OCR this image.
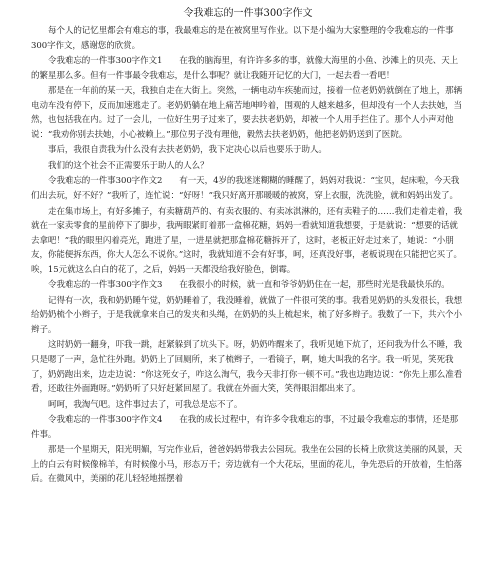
令我难忘的一件事300字作文

每个人的记忆里都会有难忘的事，我最难忘的是在被窝里写作业。以下是小编为大家整理的令我难忘的一件事300字作文，感谢您的欣赏。

令我难忘的一件事300字作文1　　在我的脑海里，有许许多多的事，就像大海里的小鱼、沙滩上的贝壳、天上的繁星那么多。但有一件事最令我难忘，是什么事呢？就让我随开记忆的大门，一起去看一看吧！

那是在一年前的某一天，我独自走在大街上。突然，一辆电动车疾驰而过，接着一位老奶奶就倒在了地上，那辆电动车没有停下，反而加速逃走了。老奶奶躺在地上痛苦地呻吟着，围观的人越来越多，但却没有一个人去扶她，当然，也包括我在内。过了一会儿，一位好生男子过来了，要去扶老奶奶，却被一个人用手拦住了。那个人小声对他说：“我劝你别去扶她，小心被赖上。”那位男子没有理他，毅然去扶老奶奶，他把老奶奶送到了医院。

事后，我很自责我为什么没有去扶老奶奶，我下定决心以后也要乐于助人。

我们的这个社会不正需要乐于助人的人么？

令我难忘的一件事300字作文2　　有一天，4岁的我迷迷糊糊的睡醒了，妈妈对我说：“宝贝，起床啦，今天我们出去玩，好不好？”我听了，连忙说：“好呀！”我只好离开那暖暖的被窝，穿上衣服，洗洗脸，就和妈妈出发了。

走在集市场上，有好多摊子，有卖糖葫芦的、有卖衣服的、有卖冰淇淋的，还有卖鞋子的……我们走着走着，我就在一家卖零食的星前停下了脚步，我两眼紧盯着那一盒棉花糖，妈妈一看就知道我想要，于是就说：“想要的话就去拿吧！”我的眼里闪着亮光，跑进了星，一进星就把那盒棉花糖拆开了，这时，老板正好走过来了，她说：“小朋友，你能便拆东西，你大人怎么不说你。”这时，我就知道不会有好事，呵，还真没好事，老板说现在只能把它买了。唉，15元就这么白白的花了，之后，妈妈一天都没给我好脸色，倒霉。

令我难忘的一件事300字作文3　　在我很小的时候，就一直和爷爷奶奶住在一起，那些时光是我最快乐的。

记得有一次，我和奶奶睡午觉，奶奶睡着了，我没睡着，就做了一件很可笑的事。我看见奶奶的头发很长，我想给奶奶梳个小辫子，于是我就拿来自己的发夹和头绳，在奶奶的头上梳起来，梳了好多辫子。我数了一下，共六个小辫子。

这时奶奶一翻身，吓我一跳，赶紧躲到了坑头下。呀，奶奶咋醒来了，我听见她下炕了，还问我为什么不睡，我只是嗯了一声，急忙往外跑。奶奶上了回厕所，来了梳辫子，一看镜子，啊，她大叫我的名字。我一听见，笑死我了，奶奶跑出来，边走边说：“你这死女子，咋这么淘气，我今天非打你一顿不可。”我也边跑边说：“你先上那么准看看，还敢往外面跑呀。”奶奶听了只好赶紧回屋了。我就在外面大笑，笑得眼泪都出来了。

呵呵，我淘气吧。这件事过去了，可我总是忘不了。

令我难忘的一件事300字作文4　　在我的成长过程中，有许多令我难忘的事，不过最令我难忘的事情，还是那件事。

那是一个星期天，阳光明媚，写完作业后，爸爸妈妈带我去公园玩。我坐在公园的长椅上欣赏这美丽的风景，天上的白云有时候像棉羊，有时候像小马，形态万千；旁边就有一个大花坛，里面的花儿，争先恐后的开放着，生怕落后。在微风中，美丽的花儿轻轻地摇摆着
